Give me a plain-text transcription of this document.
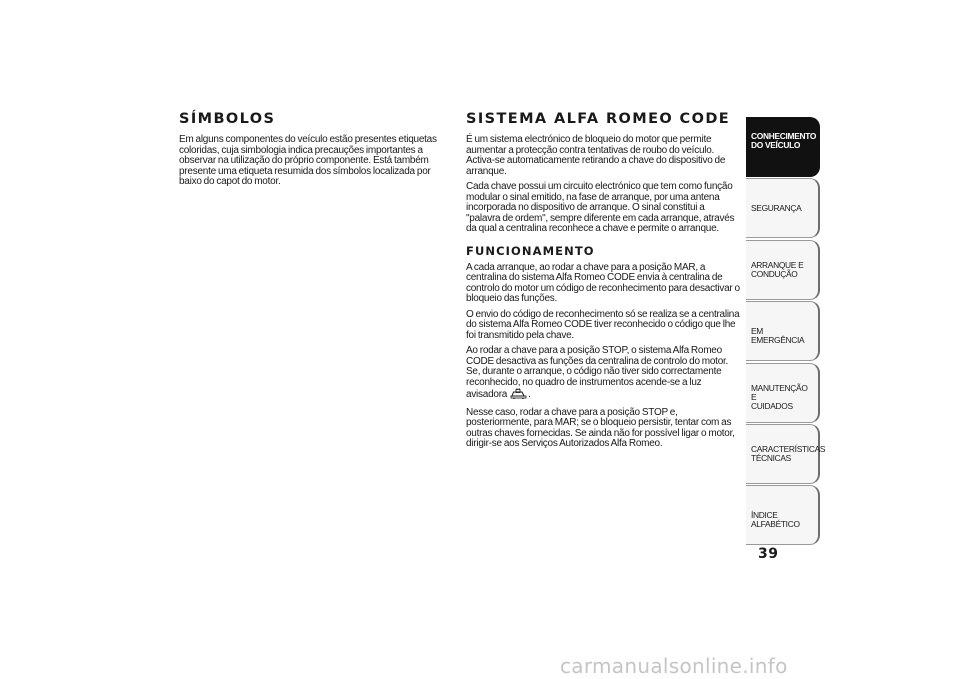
SÍMBOLOS

Em alguns componentes do veículo estão presentes etiquetas coloridas, cuja simbologia indica precauções importantes a observar na utilização do próprio componente. Está também presente uma etiqueta resumida dos símbolos localizada por baixo do capot do motor.

SISTEMA ALFA ROMEO CODE

É um sistema electrónico de bloqueio do motor que permite aumentar a protecção contra tentativas de roubo do veículo. Activa-se automaticamente retirando a chave do dispositivo de arranque.

Cada chave possui um circuito electrónico que tem como função modular o sinal emitido, na fase de arranque, por uma antena incorporada no dispositivo de arranque. O sinal constitui a "palavra de ordem", sempre diferente em cada arranque, através da qual a centralina reconhece a chave e permite o arranque.

FUNCIONAMENTO

A cada arranque, ao rodar a chave para a posição MAR, a centralina do sistema Alfa Romeo CODE envia à centralina de controlo do motor um código de reconhecimento para desactivar o bloqueio das funções.

O envio do código de reconhecimento só se realiza se a centralina do sistema Alfa Romeo CODE tiver reconhecido o código que lhe foi transmitido pela chave.

Ao rodar a chave para a posição STOP, o sistema Alfa Romeo CODE desactiva as funções da centralina de controlo do motor. Se, durante o arranque, o código não tiver sido correctamente reconhecido, no quadro de instrumentos acende-se a luz avisadora .

Nesse caso, rodar a chave para a posição STOP e, posteriormente, para MAR; se o bloqueio persistir, tentar com as outras chaves fornecidas. Se ainda não for possível ligar o motor, dirigir-se aos Serviços Autorizados Alfa Romeo.

CONHECIMENTO
DO VEÍCULO
SEGURANÇA
ARRANQUE E
CONDUÇÃO
EM EMERGÊNCIA
MANUTENÇÃO E
CUIDADOS
CARACTERÍSTICAS
TÉCNICAS
ÍNDICE ALFABÉTICO
39
carmanualsonline.info
